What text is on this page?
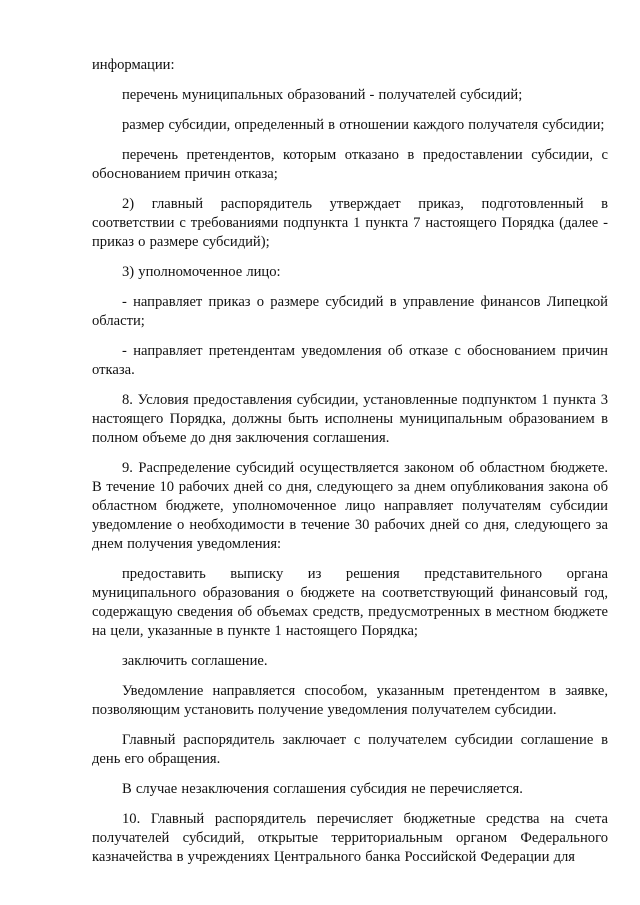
информации:

перечень муниципальных образований - получателей субсидий;

размер субсидии, определенный в отношении каждого получателя субсидии;

перечень претендентов, которым отказано в предоставлении субсидии, с обоснованием причин отказа;

2) главный распорядитель утверждает приказ, подготовленный в соответствии с требованиями подпункта 1 пункта 7 настоящего Порядка (далее - приказ о размере субсидий);

3) уполномоченное лицо:

- направляет приказ о размере субсидий в управление финансов Липецкой области;

- направляет претендентам уведомления об отказе с обоснованием причин отказа.

8. Условия предоставления субсидии, установленные подпунктом 1 пункта 3 настоящего Порядка, должны быть исполнены муниципальным образованием в полном объеме до дня заключения соглашения.

9. Распределение субсидий осуществляется законом об областном бюджете. В течение 10 рабочих дней со дня, следующего за днем опубликования закона об областном бюджете, уполномоченное лицо направляет получателям субсидии уведомление о необходимости в течение 30 рабочих дней со дня, следующего за днем получения уведомления:

предоставить выписку из решения представительного органа муниципального образования о бюджете на соответствующий финансовый год, содержащую сведения об объемах средств, предусмотренных в местном бюджете на цели, указанные в пункте 1 настоящего Порядка;

заключить соглашение.

Уведомление направляется способом, указанным претендентом в заявке, позволяющим установить получение уведомления получателем субсидии.

Главный распорядитель заключает с получателем субсидии соглашение в день его обращения.

В случае незаключения соглашения субсидия не перечисляется.

10. Главный распорядитель перечисляет бюджетные средства на счета получателей субсидий, открытые территориальным органом Федерального казначейства в учреждениях Центрального банка Российской Федерации для
